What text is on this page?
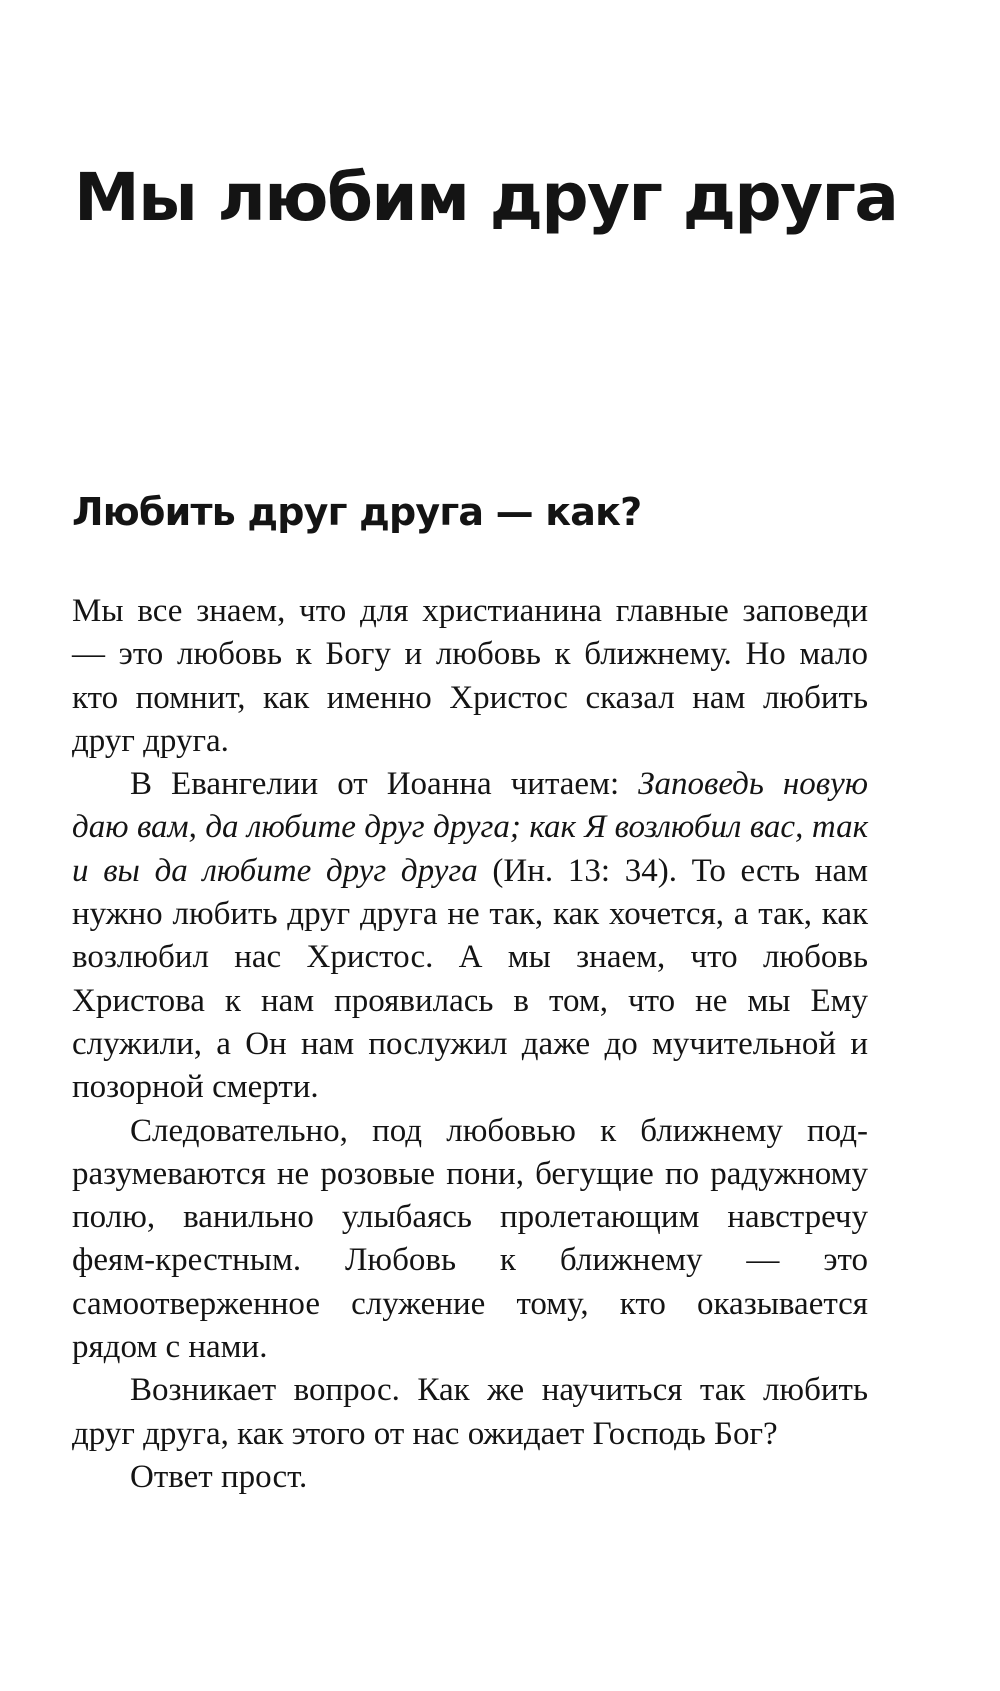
Мы любим друг друга
Любить друг друга — как?

Мы все знаем, что для христианина главные заповеди — это любовь к Богу и любовь к ближнему. Но мало кто помнит, как именно Христос сказал нам любить друг друга.

В Евангелии от Иоанна читаем: Заповедь новую даю вам, да любите друг друга; как Я возлюбил вас, так и вы да любите друг друга (Ин. 13: 34). То есть нам нужно любить друг друга не так, как хочется, а так, как возлюбил нас Христос. А мы знаем, что любовь Христова к нам проявилась в том, что не мы Ему служили, а Он нам послужил даже до мучительной и позорной смерти.

Следовательно, под любовью к ближнему подразумеваются не розовые пони, бегущие по радужному полю, ванильно улыбаясь пролетающим навстречу феям-крестным. Любовь к ближнему — это самоотверженное служение тому, кто оказывается рядом с нами.

Возникает вопрос. Как же научиться так любить друг друга, как этого от нас ожидает Господь Бог?

Ответ прост.
